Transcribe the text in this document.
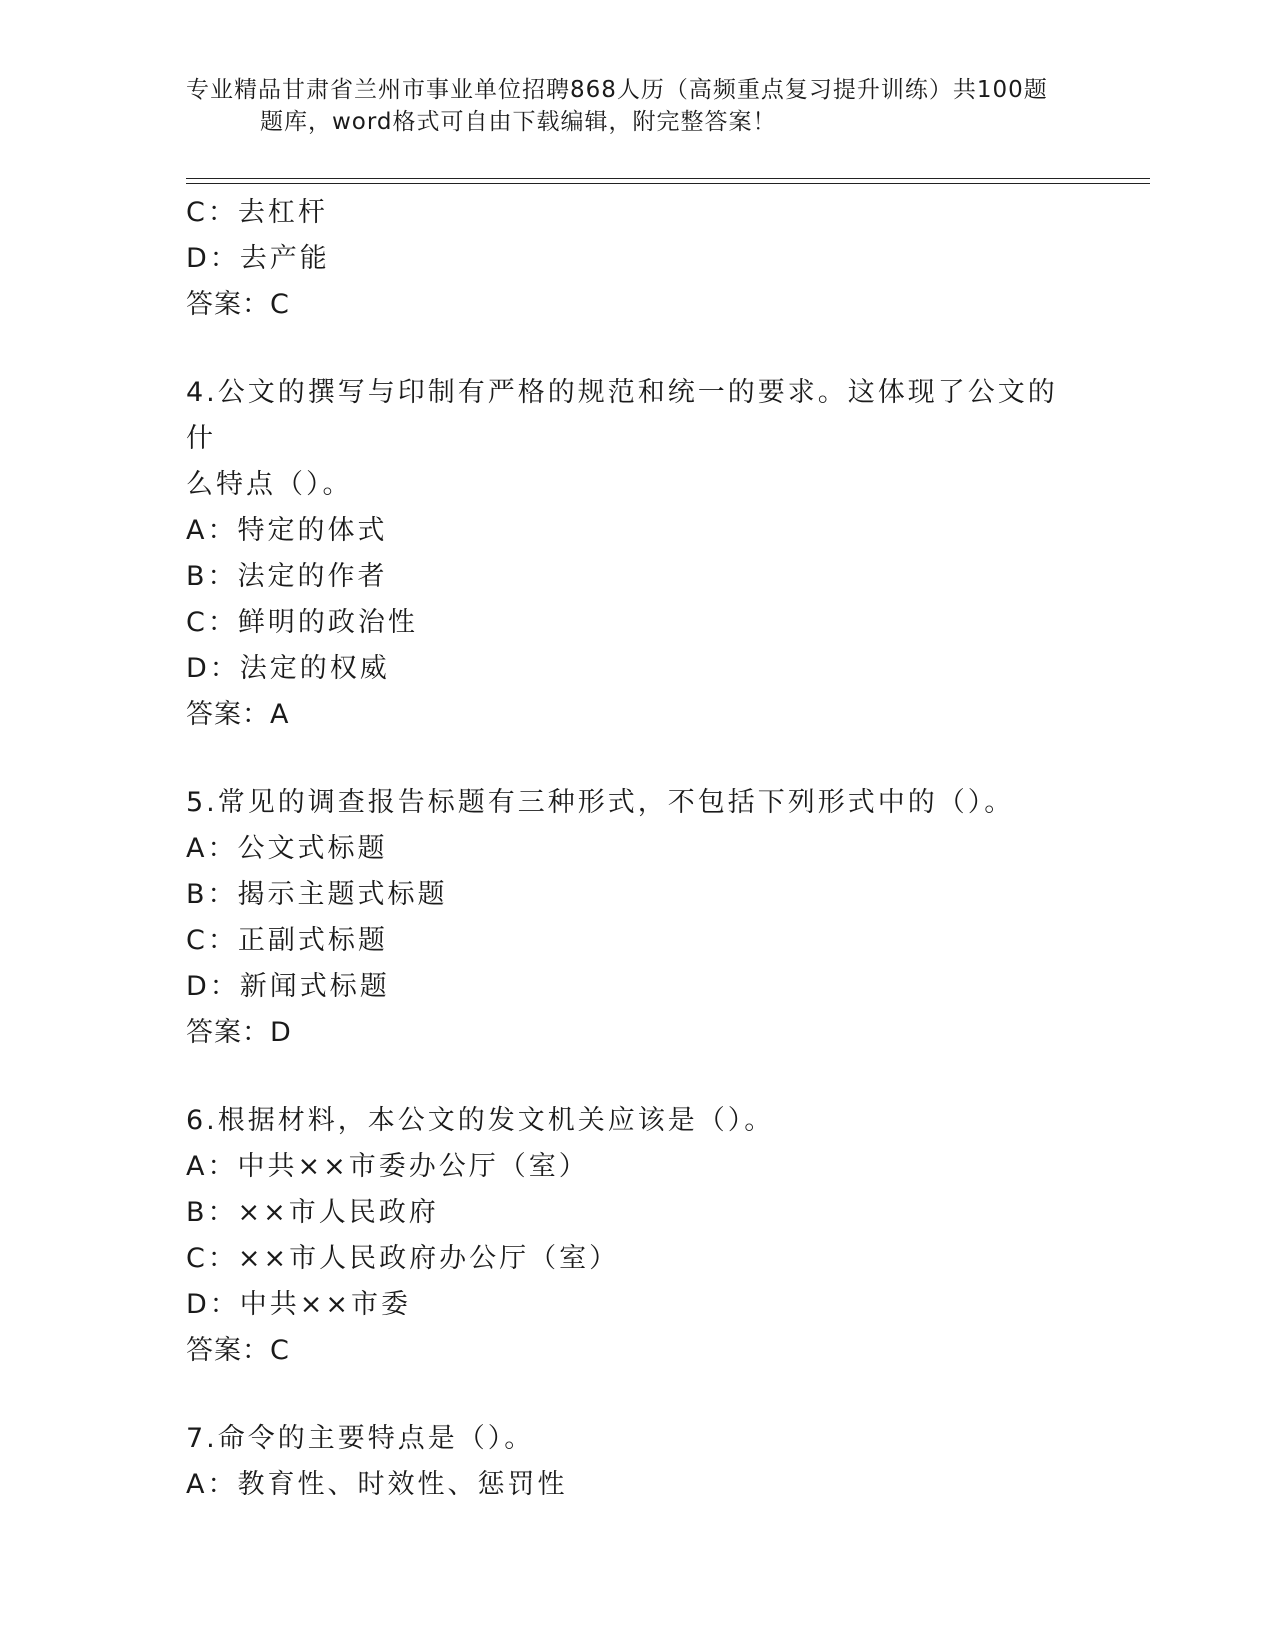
专业精品甘肃省兰州市事业单位招聘868人历（高频重点复习提升训练）共100题
题库，word格式可自由下载编辑，附完整答案！
C：去杠杆
D：去产能
答案：C
4.公文的撰写与印制有严格的规范和统一的要求。这体现了公文的什
么特点（）。
A：特定的体式
B：法定的作者
C：鲜明的政治性
D：法定的权威
答案：A
5.常见的调查报告标题有三种形式，不包括下列形式中的（）。
A：公文式标题
B：揭示主题式标题
C：正副式标题
D：新闻式标题
答案：D
6.根据材料，本公文的发文机关应该是（）。
A：中共××市委办公厅（室）
B：××市人民政府
C：××市人民政府办公厅（室）
D：中共××市委
答案：C
7.命令的主要特点是（）。
A：教育性、时效性、惩罚性
